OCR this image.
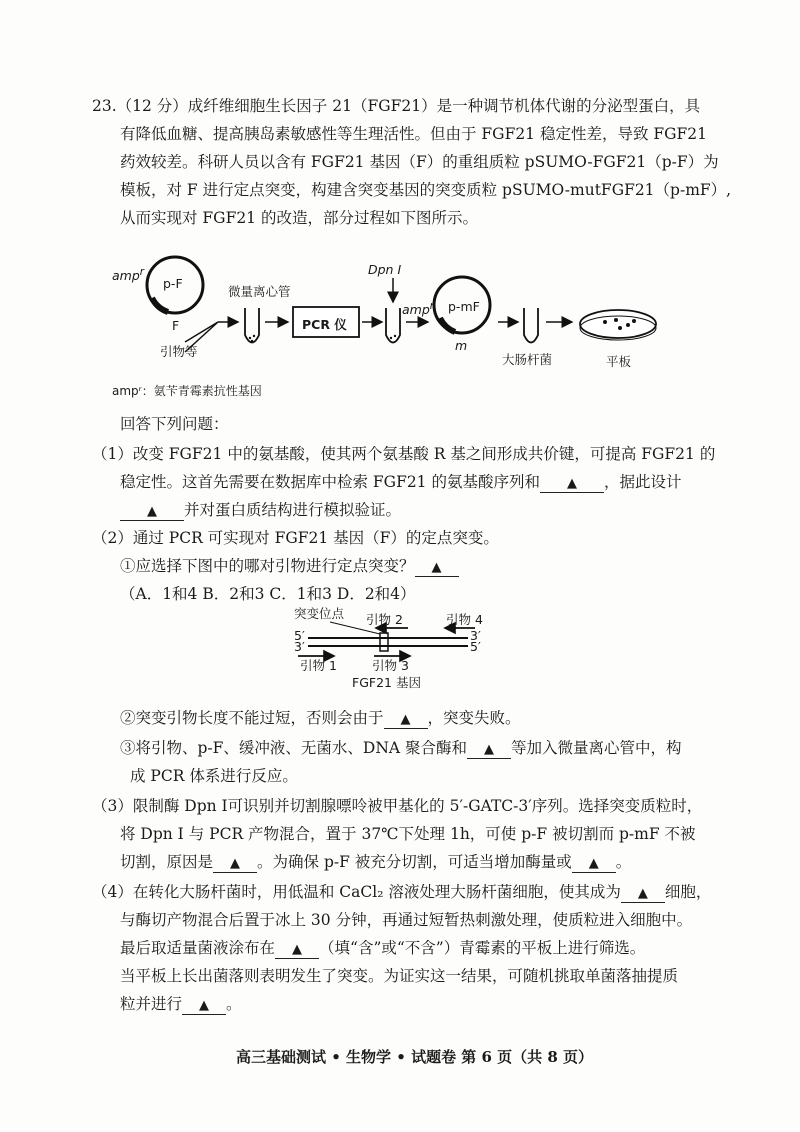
23.（12 分）成纤维细胞生长因子 21（FGF21）是一种调节机体代谢的分泌型蛋白，具
有降低血糖、提高胰岛素敏感性等生理活性。但由于 FGF21 稳定性差，导致 FGF21
药效较差。科研人员以含有 FGF21 基因（F）的重组质粒 pSUMO-FGF21（p-F）为
模板，对 F 进行定点突变，构建含突变基因的突变质粒 pSUMO-mutFGF21（p-mF）,
从而实现对 FGF21 的改造，部分过程如下图所示。
amp$^r$
p-F
F
引物等
微量离心管
PCR 仪
Dpn Ⅰ
amp$^r$ p-mF
m
大肠杆菌	平板
ampʳ：氨苄青霉素抗性基因
回答下列问题：
（1）改变 FGF21 中的氨基酸，使其两个氨基酸 R 基之间形成共价键，可提高 FGF21 的
稳定性。这首先需要在数据库中检索 FGF21 的氨基酸序列和 ▲ ，据此设计
▲ 并对蛋白质结构进行模拟验证。
（2）通过 PCR 可实现对 FGF21 基因（F）的定点突变。
①应选择下图中的哪对引物进行定点突变？ ▲
（A．1和4 B．2和3 C．1和3 D．2和4）
突变位点 引物 2	引物 4
5′
3′
3′
5′
引物 1	引物 3
FGF21 基因
②突变引物长度不能过短，否则会由于 ▲ ，突变失败。
③将引物、p-F、缓冲液、无菌水、DNA 聚合酶和 ▲ 等加入微量离心管中，构
成 PCR 体系进行反应。
（3）限制酶 Dpn Ⅰ可识别并切割腺嘌呤被甲基化的 5′-GATC-3′序列。选择突变质粒时，
将 Dpn Ⅰ 与 PCR 产物混合，置于 37℃下处理 1h，可使 p-F 被切割而 p-mF 不被
切割，原因是 ▲ 。为确保 p-F 被充分切割，可适当增加酶量或 ▲ 。
（4）在转化大肠杆菌时，用低温和 CaCl₂ 溶液处理大肠杆菌细胞，使其成为 ▲ 细胞，
与酶切产物混合后置于冰上 30 分钟，再通过短暂热刺激处理，使质粒进入细胞中。
最后取适量菌液涂布在 ▲ （填“含”或“不含”）青霉素的平板上进行筛选。
当平板上长出菌落则表明发生了突变。为证实这一结果，可随机挑取单菌落抽提质
粒并进行 ▲ 。
高三基础测试 • 生物学 • 试题卷 第 6 页（共 8 页）
